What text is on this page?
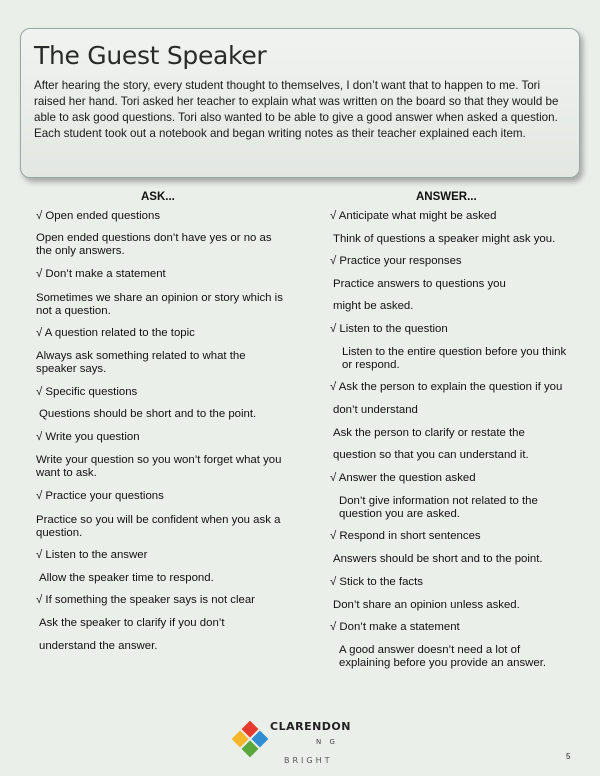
The Guest Speaker

After hearing the story, every student thought to themselves, I don’t want that to happen to me. Tori raised her hand. Tori asked her teacher to explain what was written on the board so that they would be able to ask good questions. Tori also wanted to be able to give a good answer when asked a question. Each student took out a notebook and began writing notes as their teacher explained each item.

ASK...	ANSWER...

√ Open ended questions

Open ended questions don’t have yes or no as the only answers.

√ Don’t make a statement

Sometimes we share an opinion or story which is not a question.

√ A question related to the topic

Always ask something related to what the speaker says.

√ Specific questions

Questions should be short and to the point.

√ Write you question

Write your question so you won’t forget what you want to ask.

√ Practice your questions

Practice so you will be confident when you ask a question.

√ Listen to the answer

Allow the speaker time to respond.

√ If something the speaker says is not clear

Ask the speaker to clarify if you don’t

understand the answer.

√ Anticipate what might be asked

Think of questions a speaker might ask you.

√ Practice your responses

Practice answers to questions you

might be asked.

√ Listen to the question

Listen to the entire question before you think or respond.

√ Ask the person to explain the question if you

don’t understand

Ask the person to clarify or restate the

question so that you can understand it.

√ Answer the question asked

Don’t give information not related to the question you are asked.

√ Respond in short sentences

Answers should be short and to the point.

√ Stick to the facts

Don’t share an opinion unless asked.

√ Don’t make a statement

A good answer doesn’t need a lot of explaining before you provide an answer.

CLARENDON
N G
BRIGHT	5
